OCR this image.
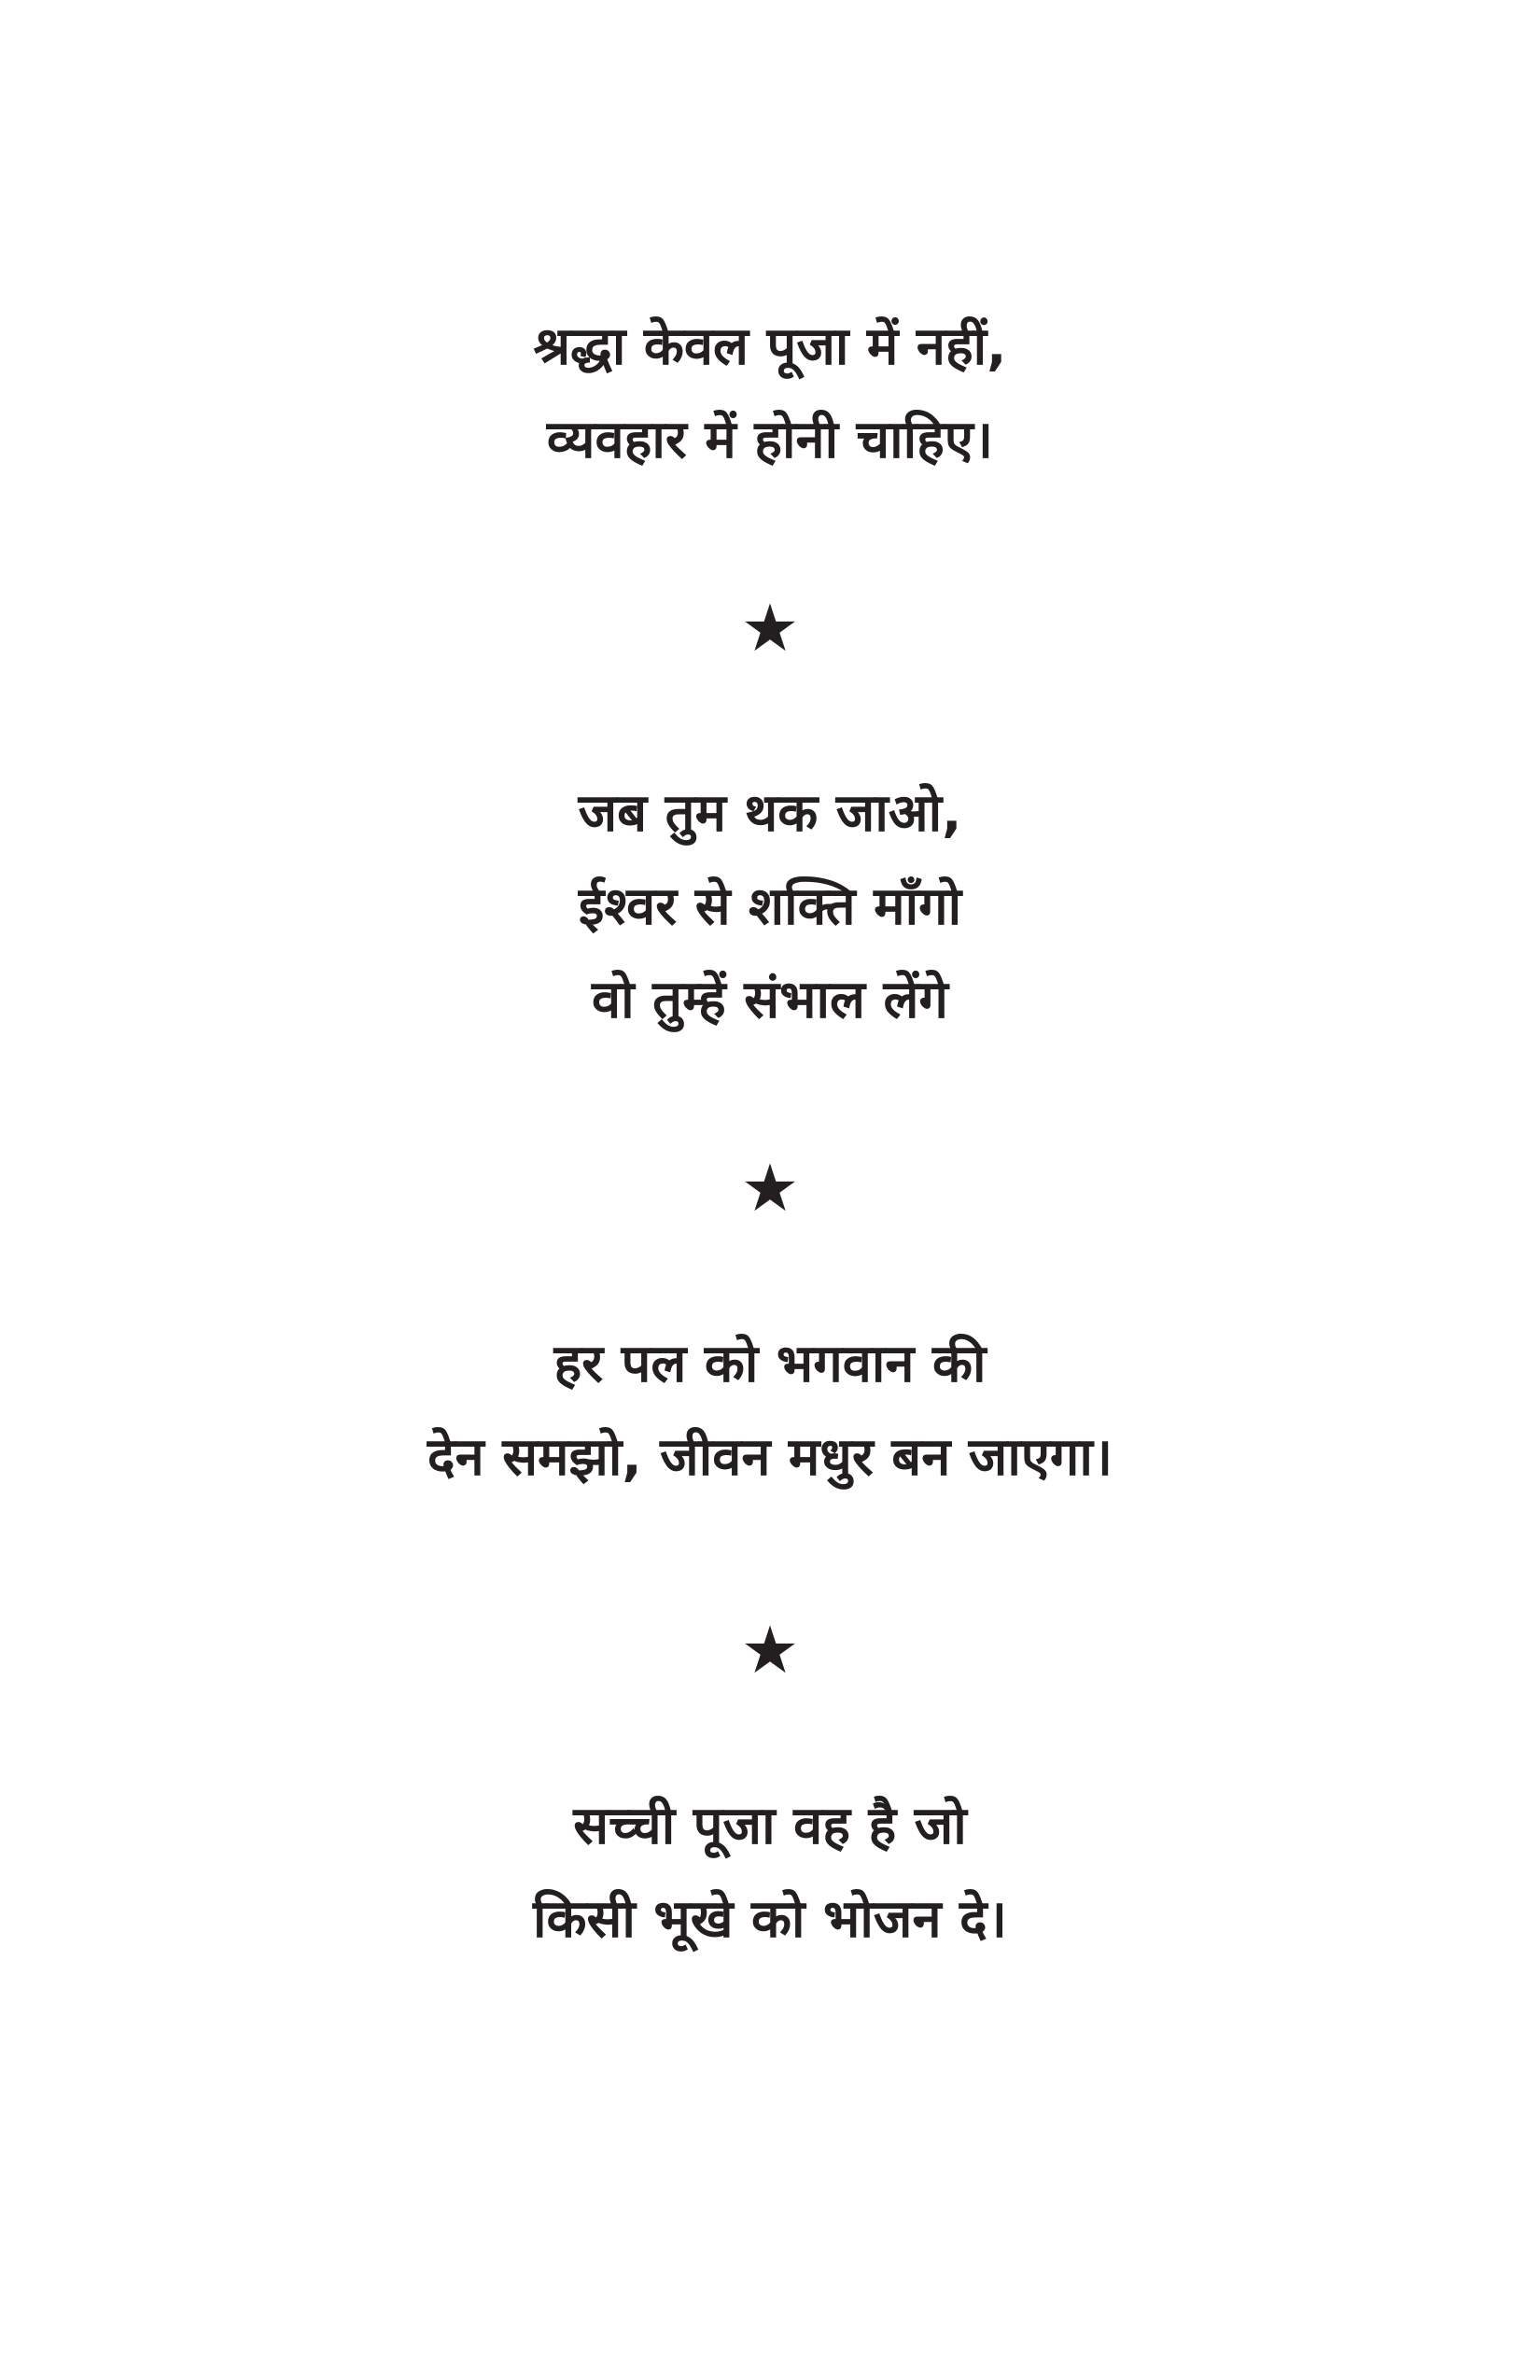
श्रद्धा केवल पूजा में नहीं,
व्यवहार में होनी चाहिए।
★
जब तुम थक जाओ,
ईश्वर से शक्ति माँगो
वो तुम्हें संभाल लेंगे
★
हर पल को भगवान की
देन समझो, जीवन मधुर बन जाएगा।
★
सच्ची पूजा वह है जो
किसी भूखे को भोजन दे।
